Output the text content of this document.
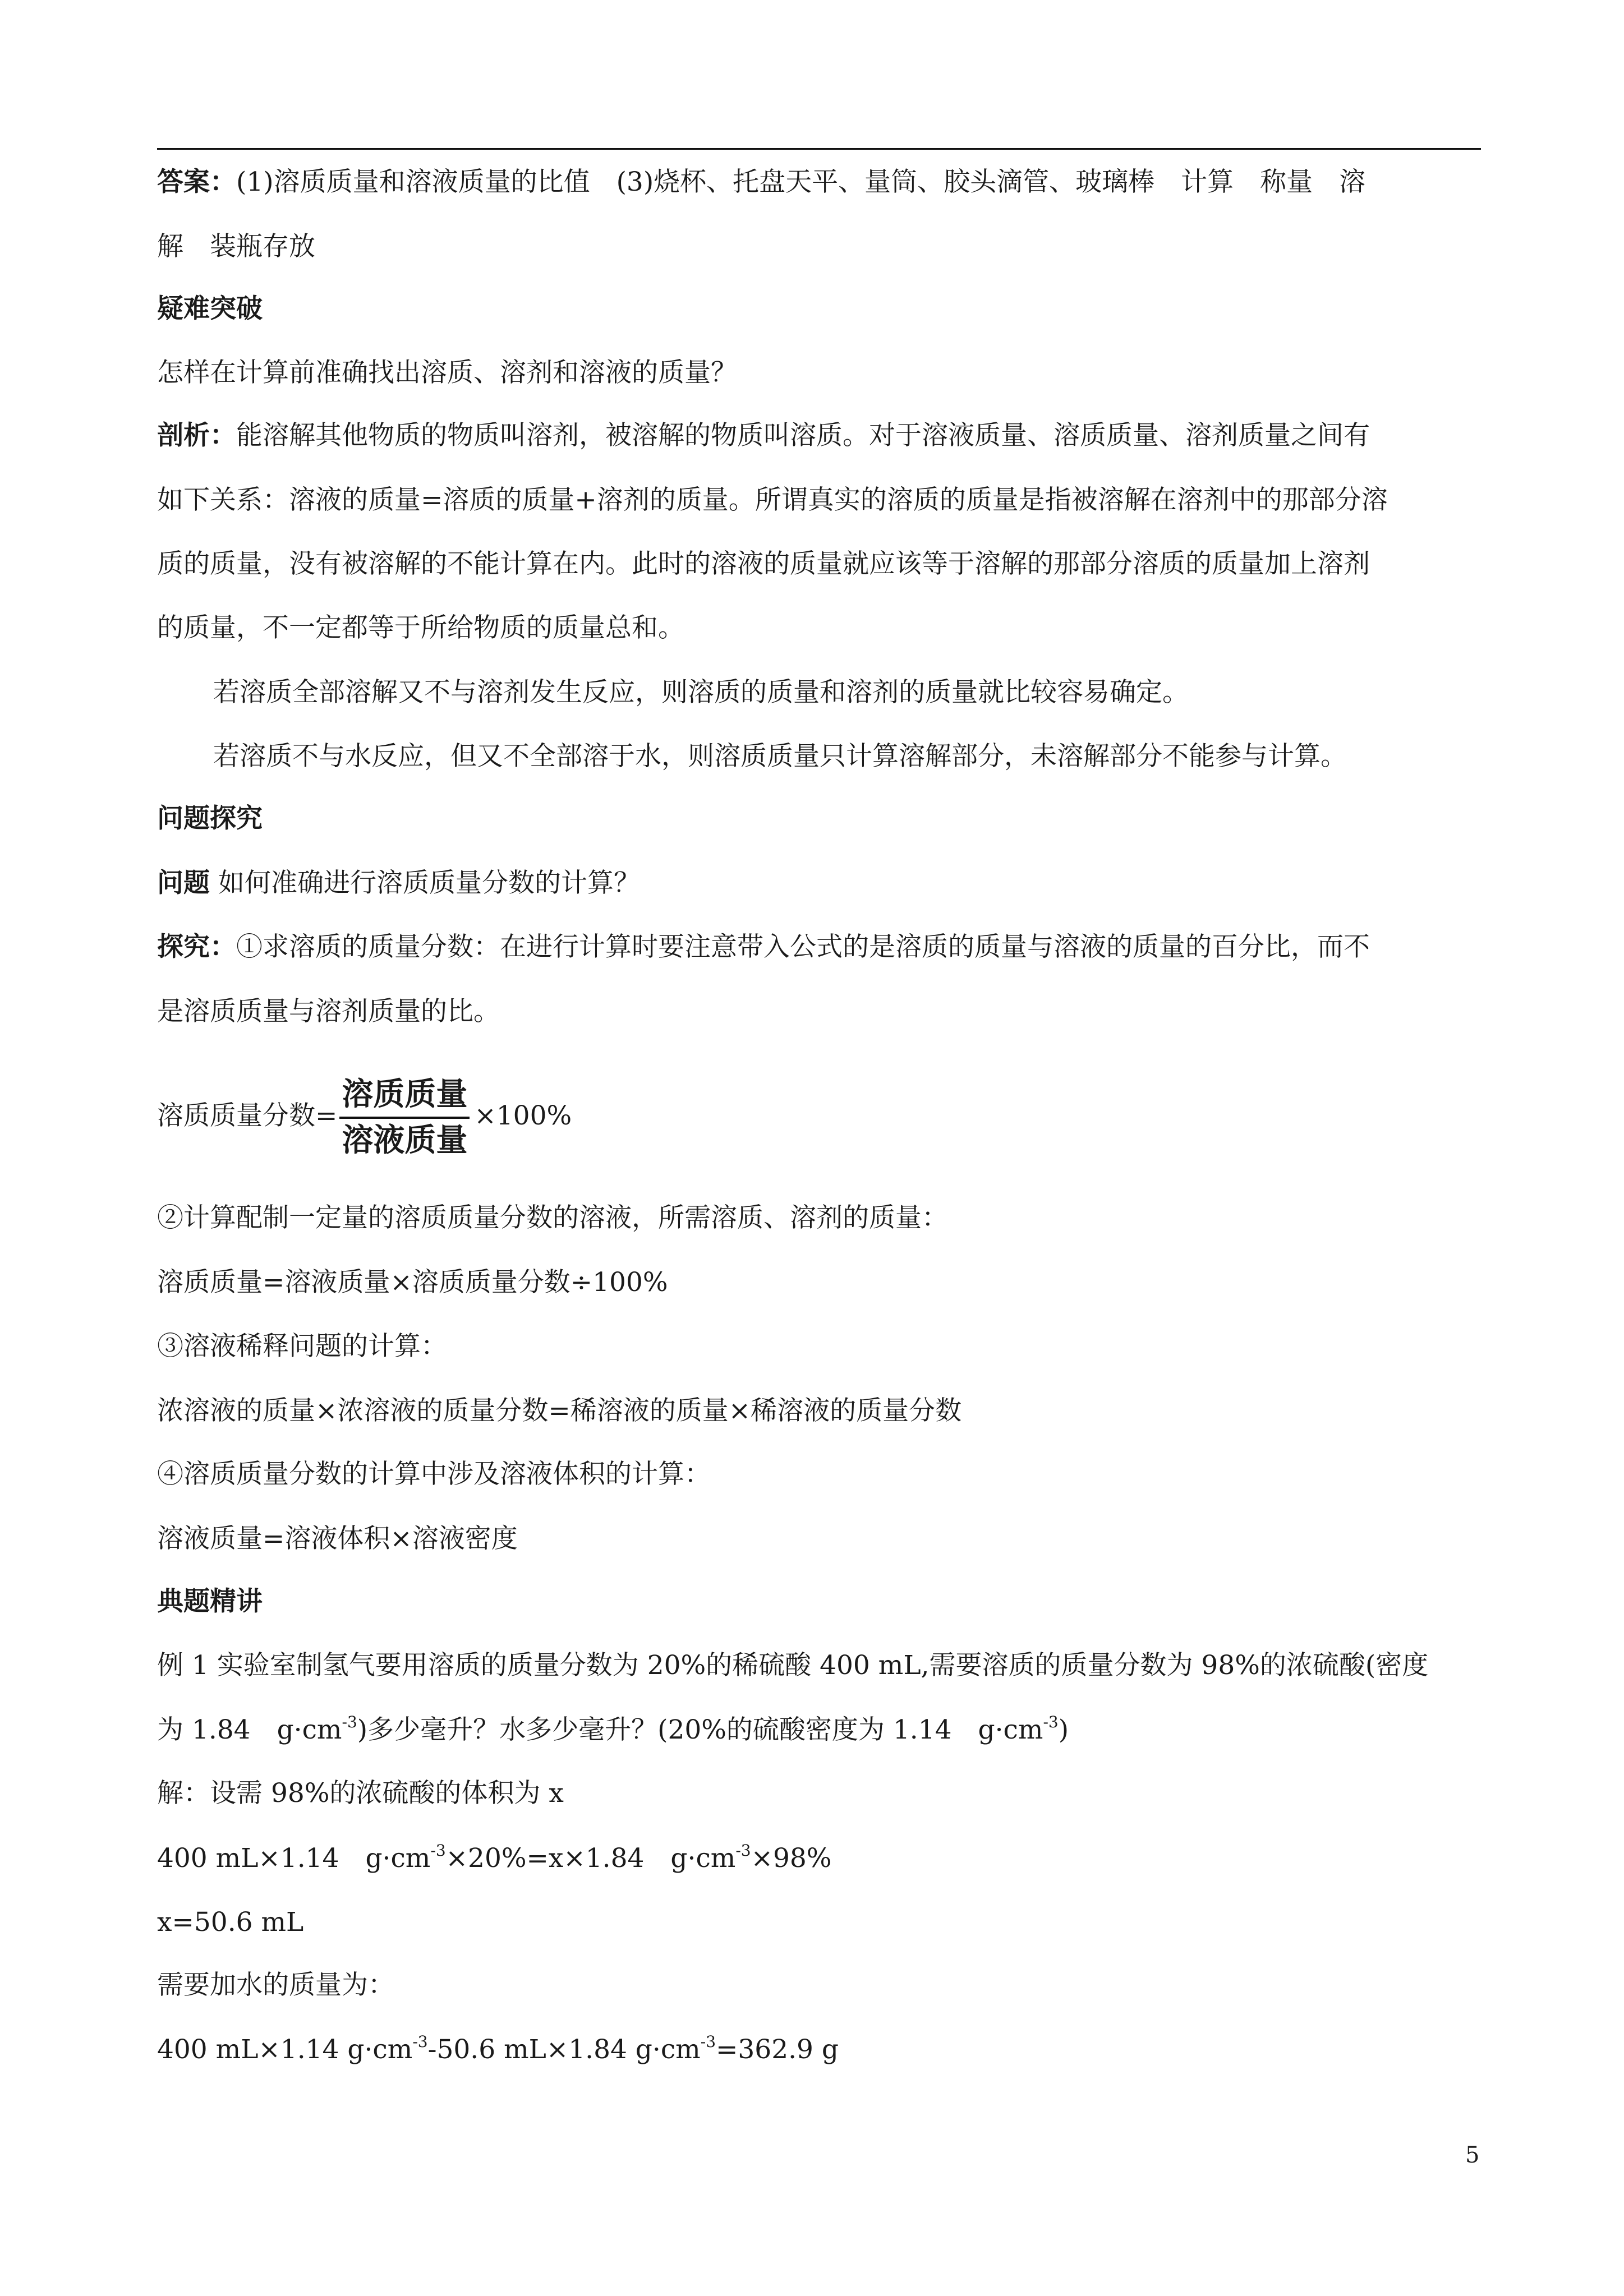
答案：(1)溶质质量和溶液质量的比值　(3)烧杯、托盘天平、量筒、胶头滴管、玻璃棒　计算　称量　溶
解　装瓶存放
疑难突破
怎样在计算前准确找出溶质、溶剂和溶液的质量？
剖析：能溶解其他物质的物质叫溶剂，被溶解的物质叫溶质。对于溶液质量、溶质质量、溶剂质量之间有
如下关系：溶液的质量=溶质的质量+溶剂的质量。所谓真实的溶质的质量是指被溶解在溶剂中的那部分溶
质的质量，没有被溶解的不能计算在内。此时的溶液的质量就应该等于溶解的那部分溶质的质量加上溶剂
的质量，不一定都等于所给物质的质量总和。
若溶质全部溶解又不与溶剂发生反应，则溶质的质量和溶剂的质量就比较容易确定。
若溶质不与水反应，但又不全部溶于水，则溶质质量只计算溶解部分，未溶解部分不能参与计算。
问题探究
问题 如何准确进行溶质质量分数的计算？
探究：①求溶质的质量分数：在进行计算时要注意带入公式的是溶质的质量与溶液的质量的百分比，而不
是溶质质量与溶剂质量的比。
溶质质量分数= $\frac{\text{溶质质量}}{\text{溶液质量}} \times 100\%$
②计算配制一定量的溶质质量分数的溶液，所需溶质、溶剂的质量：
溶质质量=溶液质量×溶质质量分数÷100%
③溶液稀释问题的计算：
浓溶液的质量×浓溶液的质量分数=稀溶液的质量×稀溶液的质量分数
④溶质质量分数的计算中涉及溶液体积的计算：
溶液质量=溶液体积×溶液密度
典题精讲
例 1 实验室制氢气要用溶质的质量分数为 20%的稀硫酸 400 mL,需要溶质的质量分数为 98%的浓硫酸(密度
为 1.84　$g\cdot cm^{-3}$)多少毫升？水多少毫升？(20%的硫酸密度为 1.14　$g\cdot cm^{-3}$)
解：设需 98%的浓硫酸的体积为 x
400 mL×1.14　$g\cdot cm^{-3}\times 20\%=x\times 1.84$　$g\cdot cm^{-3}\times 98\%$
x=50.6 mL
需要加水的质量为：
400 mL×1.14 $g\cdot cm^{-3}-50.6$ mL×1.84 $g\cdot cm^{-3}=362.9$ g
5
